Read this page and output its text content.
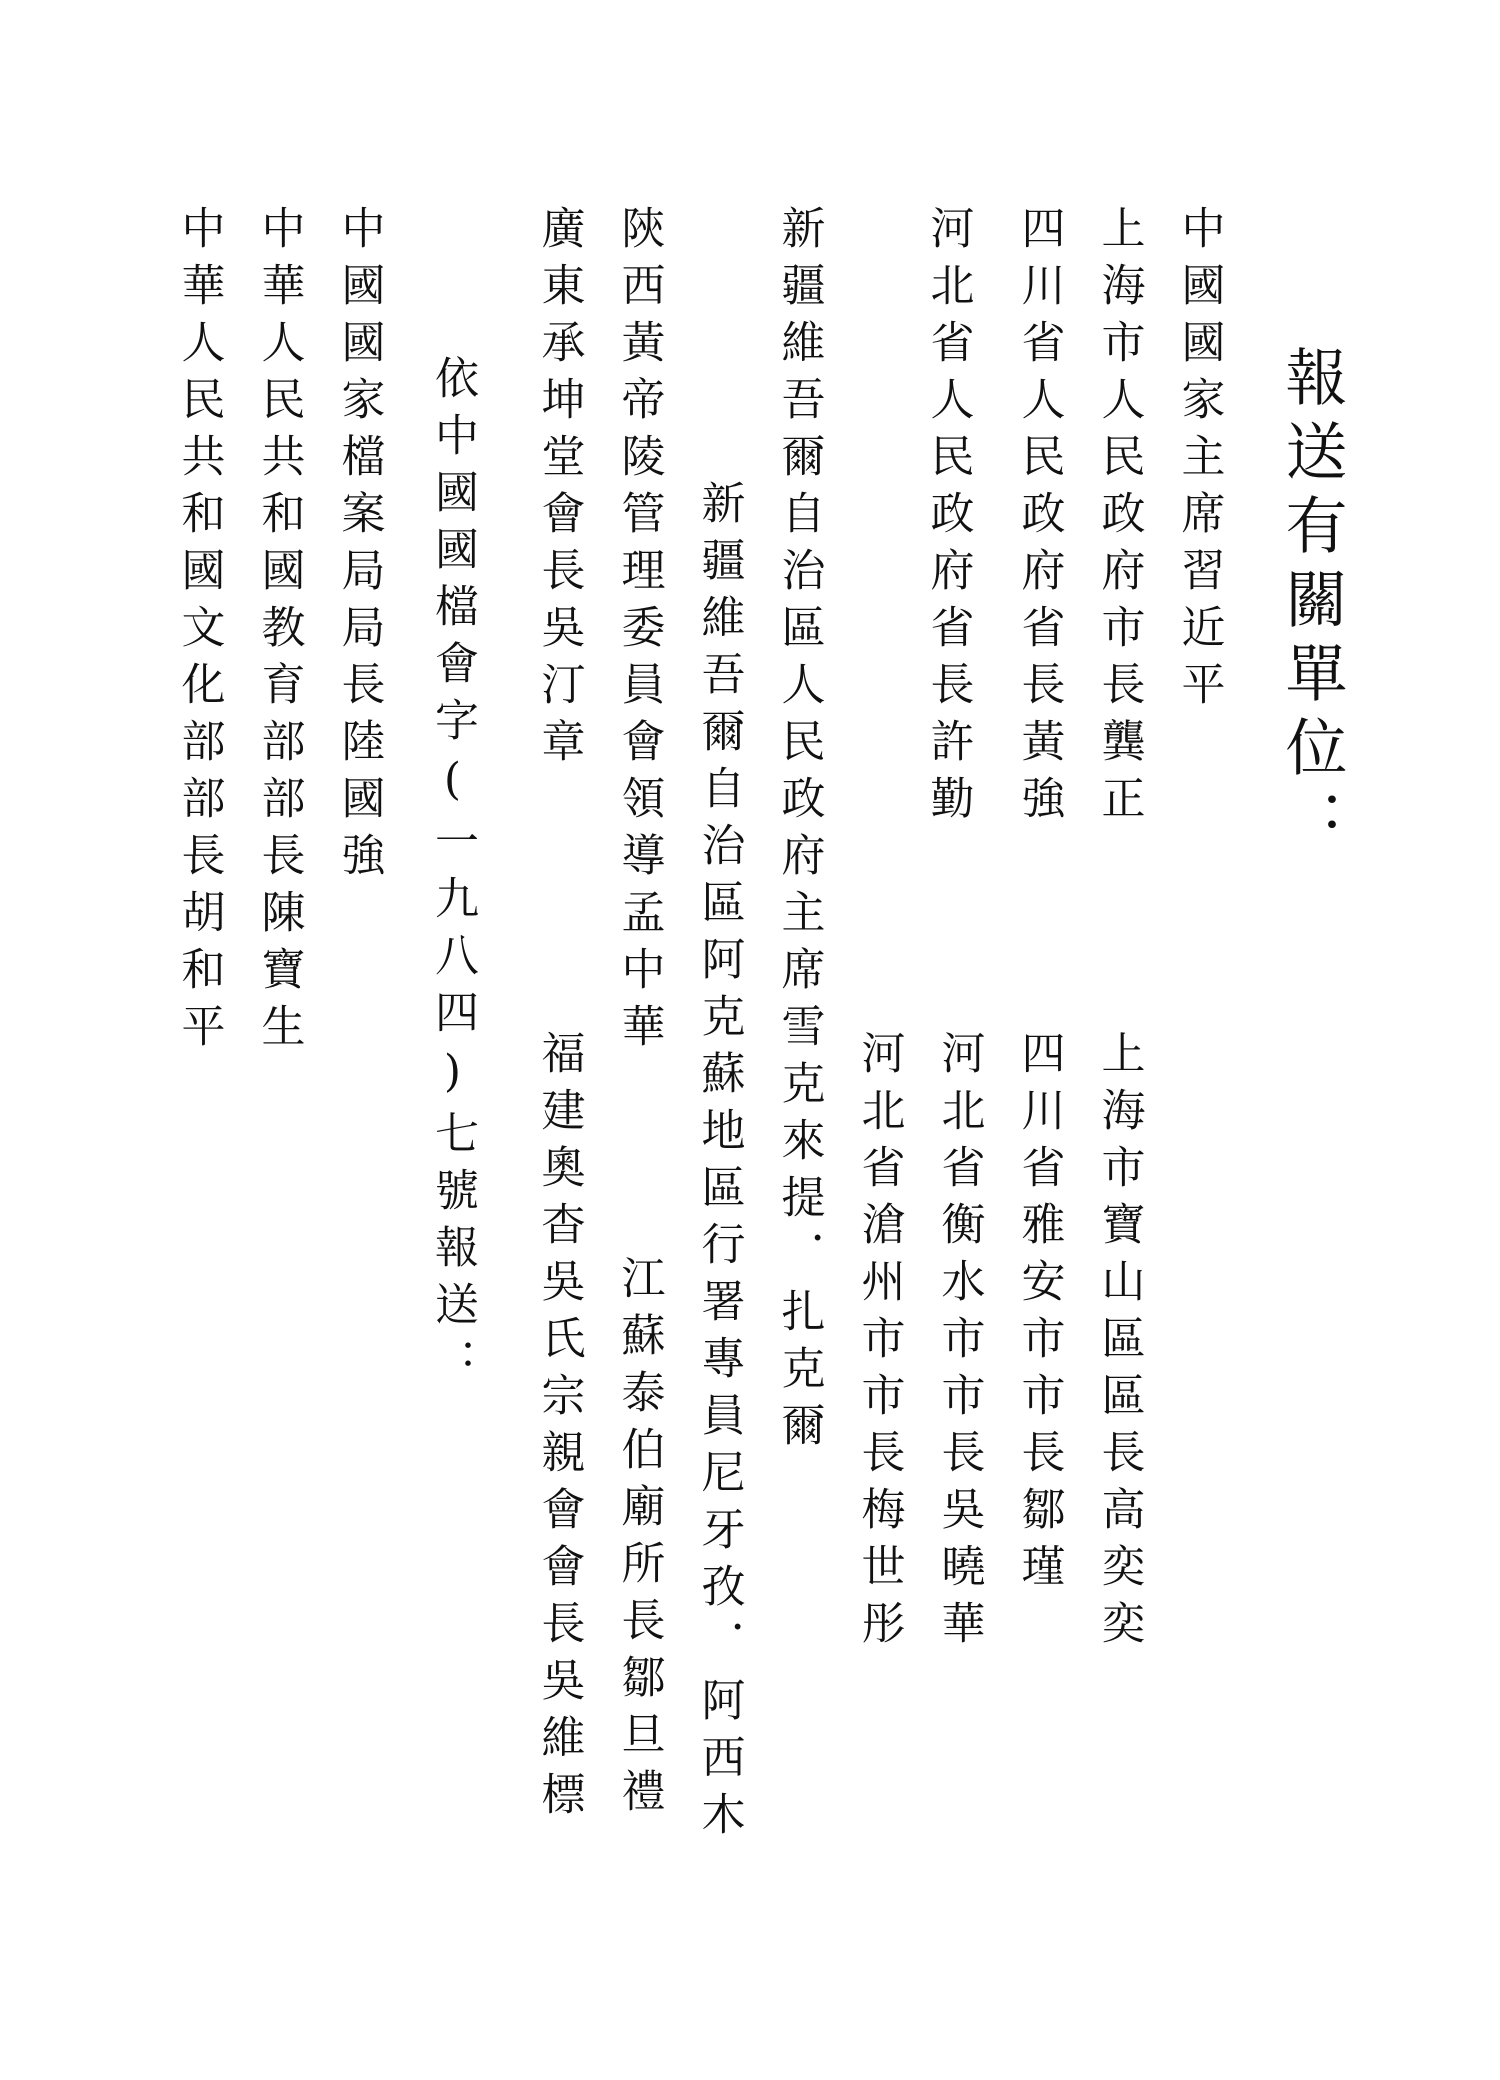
報送有關單位：
中國國家主席習近平
上海市人民政府市長龔正
四川省人民政府省長黃強
河北省人民政府省長許勤
新疆維吾爾自治區人民政府主席雪克來提．扎克爾
新疆維吾爾自治區阿克蘇地區行署專員尼牙孜．阿西木
陝西黃帝陵管理委員會領導孟中華
廣東承坤堂會長吳汀章
依中國國檔會字(一九八四)七號報送：
中國國家檔案局局長陸國強
中華人民共和國教育部部長陳寶生
中華人民共和國文化部部長胡和平
上海市寶山區區長高奕奕
四川省雅安市市長鄒瑾
河北省衡水市市長吳曉華
河北省滄州市市長梅世彤
江蘇泰伯廟所長鄒旦禮
福建奧杳吳氏宗親會會長吳維標
